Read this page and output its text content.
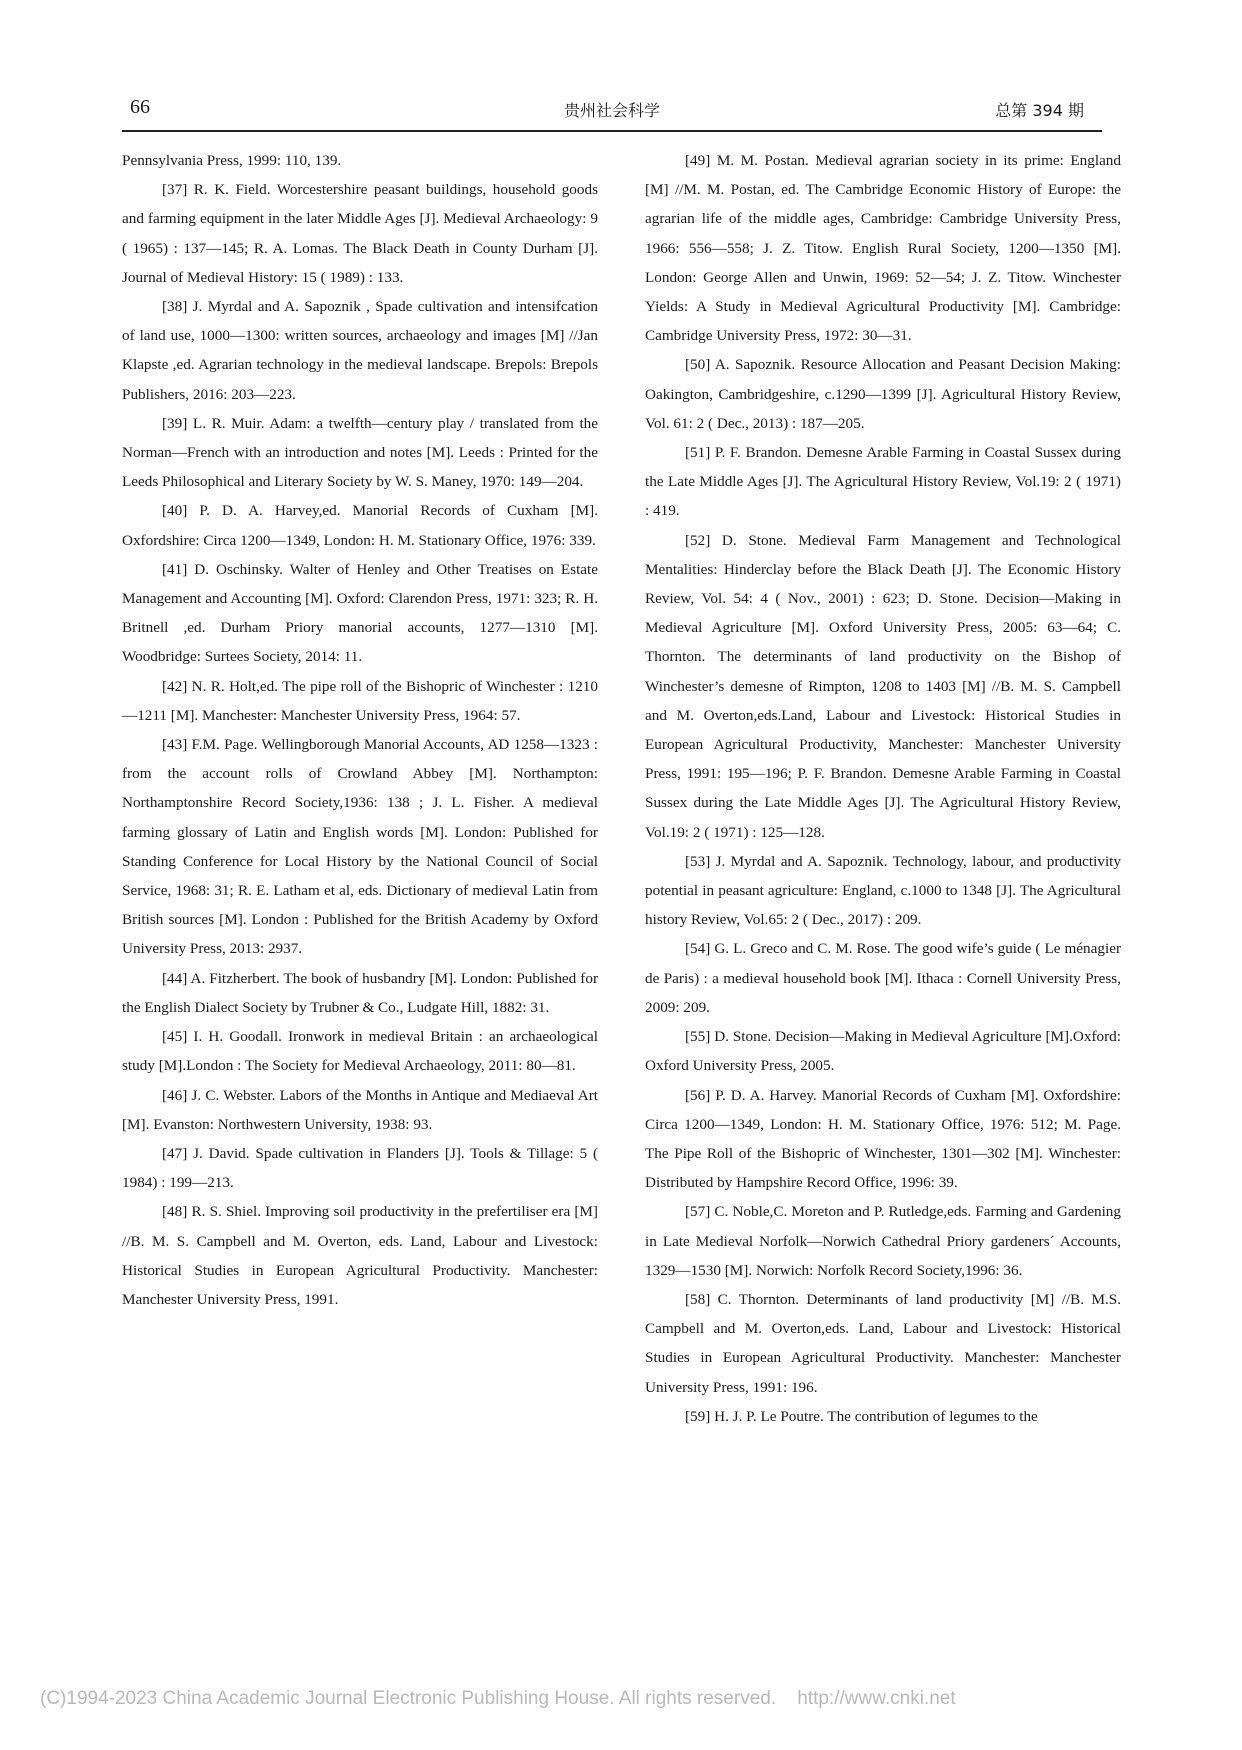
66	贵州社会科学	总第 394 期

Pennsylvania Press, 1999: 110, 139.

[37] R. K. Field. Worcestershire peasant buildings, household goods and farming equipment in the later Middle Ages [J]. Medieval Archaeology: 9 ( 1965) : 137—145; R. A. Lomas. The Black Death in County Durham [J]. Journal of Medieval History: 15 ( 1989) : 133.

[38] J. Myrdal and A. Sapoznik , Spade cultivation and intensifcation of land use, 1000—1300: written sources, archaeology and images [M] //Jan Klapste ,ed. Agrarian technology in the medieval landscape. Brepols: Brepols Publishers, 2016: 203—223.

[39] L. R. Muir. Adam: a twelfth—century play / translated from the Norman—French with an introduction and notes [M]. Leeds : Printed for the Leeds Philosophical and Literary Society by W. S. Maney, 1970: 149—204.

[40] P. D. A. Harvey,ed. Manorial Records of Cuxham [M]. Oxfordshire: Circa 1200—1349, London: H. M. Stationary Office, 1976: 339.

[41] D. Oschinsky. Walter of Henley and Other Treatises on Estate Management and Accounting [M]. Oxford: Clarendon Press, 1971: 323; R. H. Britnell ,ed. Durham Priory manorial accounts, 1277—1310 [M]. Woodbridge: Surtees Society, 2014: 11.

[42] N. R. Holt,ed. The pipe roll of the Bishopric of Winchester : 1210—1211 [M]. Manchester: Manchester University Press, 1964: 57.

[43] F.M. Page. Wellingborough Manorial Accounts, AD 1258—1323 : from the account rolls of Crowland Abbey [M]. Northampton: Northamptonshire Record Society,1936: 138 ; J. L. Fisher. A medieval farming glossary of Latin and English words [M]. London: Published for Standing Conference for Local History by the National Council of Social Service, 1968: 31; R. E. Latham et al, eds. Dictionary of medieval Latin from British sources [M]. London : Published for the British Academy by Oxford University Press, 2013: 2937.

[44] A. Fitzherbert. The book of husbandry [M]. London: Published for the English Dialect Society by Trubner & Co., Ludgate Hill, 1882: 31.

[45] I. H. Goodall. Ironwork in medieval Britain : an archaeological study [M].London : The Society for Medieval Archaeology, 2011: 80—81.

[46] J. C. Webster. Labors of the Months in Antique and Mediaeval Art [M]. Evanston: Northwestern University, 1938: 93.

[47] J. David. Spade cultivation in Flanders [J]. Tools & Tillage: 5 ( 1984) : 199—213.

[48] R. S. Shiel. Improving soil productivity in the prefertiliser era [M] //B. M. S. Campbell and M. Overton, eds. Land, Labour and Livestock: Historical Studies in European Agricultural Productivity. Manchester: Manchester University Press, 1991.

[49] M. M. Postan. Medieval agrarian society in its prime: England [M] //M. M. Postan, ed. The Cambridge Economic History of Europe: the agrarian life of the middle ages, Cambridge: Cambridge University Press, 1966: 556—558; J. Z. Titow. English Rural Society, 1200—1350 [M]. London: George Allen and Unwin, 1969: 52—54; J. Z. Titow. Winchester Yields: A Study in Medieval Agricultural Productivity [M]. Cambridge: Cambridge University Press, 1972: 30—31.

[50] A. Sapoznik. Resource Allocation and Peasant Decision Making: Oakington, Cambridgeshire, c.1290—1399 [J]. Agricultural History Review, Vol. 61: 2 ( Dec., 2013) : 187—205.

[51] P. F. Brandon. Demesne Arable Farming in Coastal Sussex during the Late Middle Ages [J]. The Agricultural History Review, Vol.19: 2 ( 1971) : 419.

[52] D. Stone. Medieval Farm Management and Technological Mentalities: Hinderclay before the Black Death [J]. The Economic History Review, Vol. 54: 4 ( Nov., 2001) : 623; D. Stone. Decision—Making in Medieval Agriculture [M]. Oxford University Press, 2005: 63—64; C. Thornton. The determinants of land productivity on the Bishop of Winchester’s demesne of Rimpton, 1208 to 1403 [M] //B. M. S. Campbell and M. Overton,eds.Land, Labour and Livestock: Historical Studies in European Agricultural Productivity, Manchester: Manchester University Press, 1991: 195—196; P. F. Brandon. Demesne Arable Farming in Coastal Sussex during the Late Middle Ages [J]. The Agricultural History Review, Vol.19: 2 ( 1971) : 125—128.

[53] J. Myrdal and A. Sapoznik. Technology, labour, and productivity potential in peasant agriculture: England, c.1000 to 1348 [J]. The Agricultural history Review, Vol.65: 2 ( Dec., 2017) : 209.

[54] G. L. Greco and C. M. Rose. The good wife’s guide ( Le ménagier de Paris) : a medieval household book [M]. Ithaca : Cornell University Press, 2009: 209.

[55] D. Stone. Decision—Making in Medieval Agriculture [M].Oxford: Oxford University Press, 2005.

[56] P. D. A. Harvey. Manorial Records of Cuxham [M]. Oxfordshire: Circa 1200—1349, London: H. M. Stationary Office, 1976: 512; M. Page. The Pipe Roll of the Bishopric of Winchester, 1301—302 [M]. Winchester: Distributed by Hampshire Record Office, 1996: 39.

[57] C. Noble,C. Moreton and P. Rutledge,eds. Farming and Gardening in Late Medieval Norfolk—Norwich Cathedral Priory gardeners´ Accounts, 1329—1530 [M]. Norwich: Norfolk Record Society,1996: 36.

[58] C. Thornton. Determinants of land productivity [M] //B. M.S. Campbell and M. Overton,eds. Land, Labour and Livestock: Historical Studies in European Agricultural Productivity. Manchester: Manchester University Press, 1991: 196.

[59] H. J. P. Le Poutre. The contribution of legumes to the

(C)1994-2023 China Academic Journal Electronic Publishing House. All rights reserved. http://www.cnki.net
